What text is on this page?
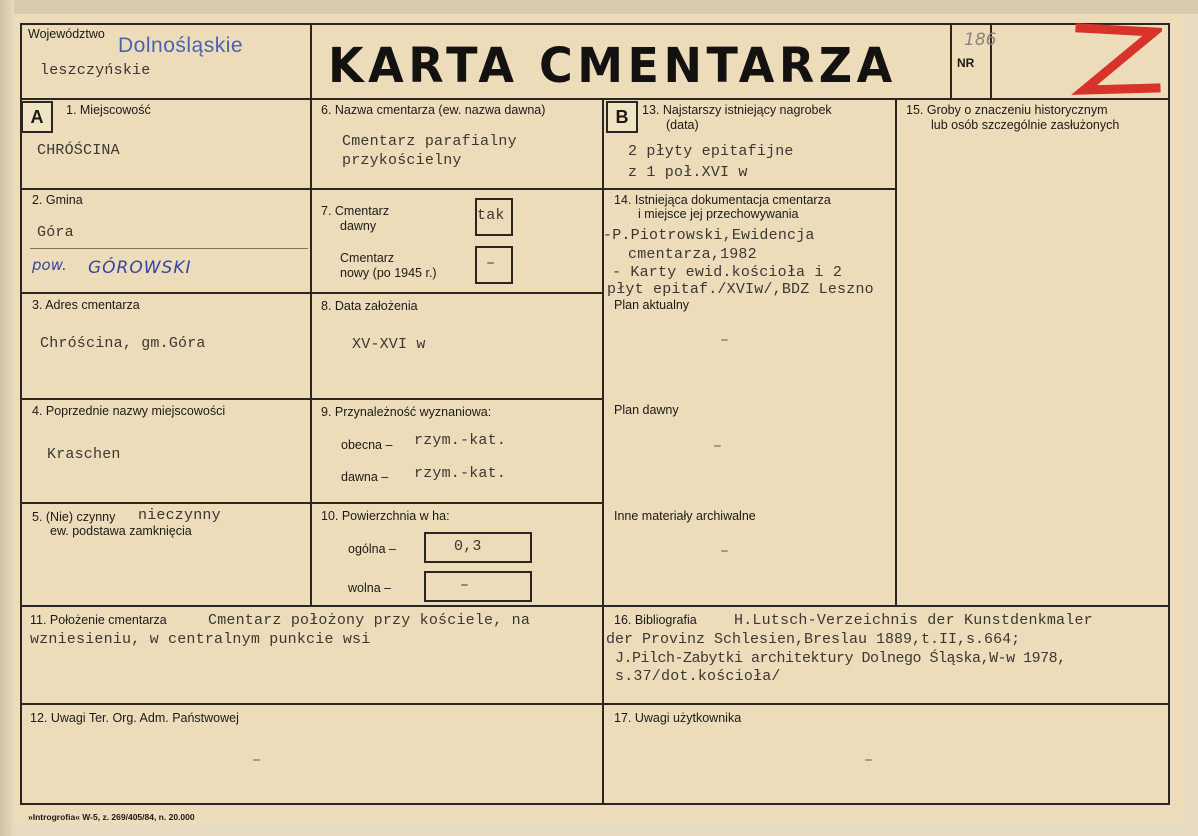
Województwo Dolnośląskie
leszczyńskie	KARTA CMENTARZA	NR
186
A	1. Miejscowość
CHRÓŚCINA
2. Gmina
Góra
pow. GÓROWSKI
3. Adres cmentarza
Chróścina, gm.Góra
4. Poprzednie nazwy miejscowości
Kraschen
5. (Nie) czynny nieczynny
ew. podstawa zamknięcia
6. Nazwa cmentarza (ew. nazwa dawna)
Cmentarz parafialny
przykościelny
7. Cmentarz
dawny
tak
Cmentarz
nowy (po 1945 r.)
–
8. Data założenia
XV-XVI w
9. Przynależność wyznaniowa:
obecna – rzym.-kat.
dawna – rzym.-kat.
10. Powierzchnia w ha:
ogólna –	0,3
wolna –	–
B	13. Najstarszy istniejący nagrobek
(data)
2 płyty epitafijne
z 1 poł.XVI w
14. Istniejąca dokumentacja cmentarza
i miejsce jej przechowywania
-P.Piotrowski,Ewidencja
cmentarza,1982
- Karty ewid.kościoła i 2
płyt epitaf./XVIw/,BDZ Leszno
Plan aktualny
–
Plan dawny
–
Inne materiały archiwalne
–
15. Groby o znaczeniu historycznym
lub osób szczególnie zasłużonych
11. Położenie cmentarza	Cmentarz położony przy kościele, na
wzniesieniu, w centralnym punkcie wsi
16. Bibliografia H.Lutsch-Verzeichnis der Kunstdenkmaler
der Provinz Schlesien,Breslau 1889,t.II,s.664;
J.Pilch-Zabytki architektury Dolnego Śląska,W-w 1978,
s.37/dot.kościoła/
12. Uwagi Ter. Org. Adm. Państwowej
–
17. Uwagi użytkownika
–
»Introgrofia« W-5, z. 269/405/84, n. 20.000
